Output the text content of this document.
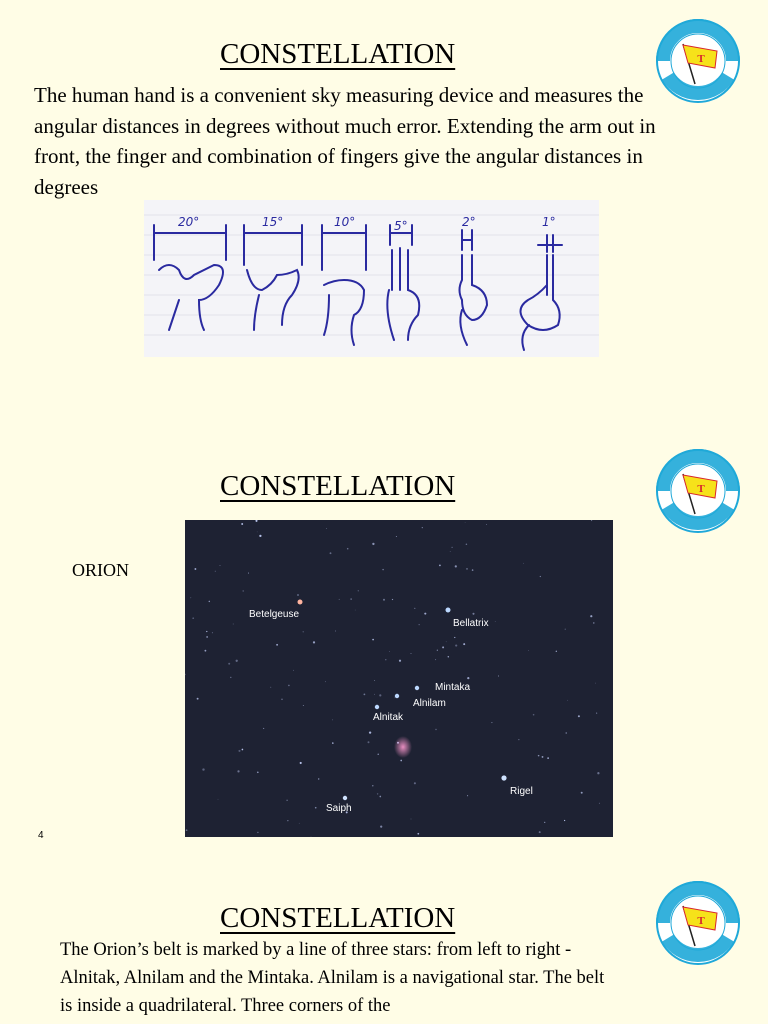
CONSTELLATION
The human hand is a convenient sky measuring device and measures the angular distances in degrees without much error. Extending the arm out in front, the finger and combination of fingers give the angular distances in degrees
T
20°	15°	10°	5°	2°	1°
CONSTELLATION	T
ORION
Betelgeuse
Bellatrix
Mintaka
Alnilam
Alnitak
Rigel
Saiph
4
CONSTELLATION	T
The Orion’s belt is marked by a line of three stars: from left to right -Alnitak, Alnilam and the Mintaka. Alnilam is a navigational star. The belt is inside a quadrilateral. Three corners of the
